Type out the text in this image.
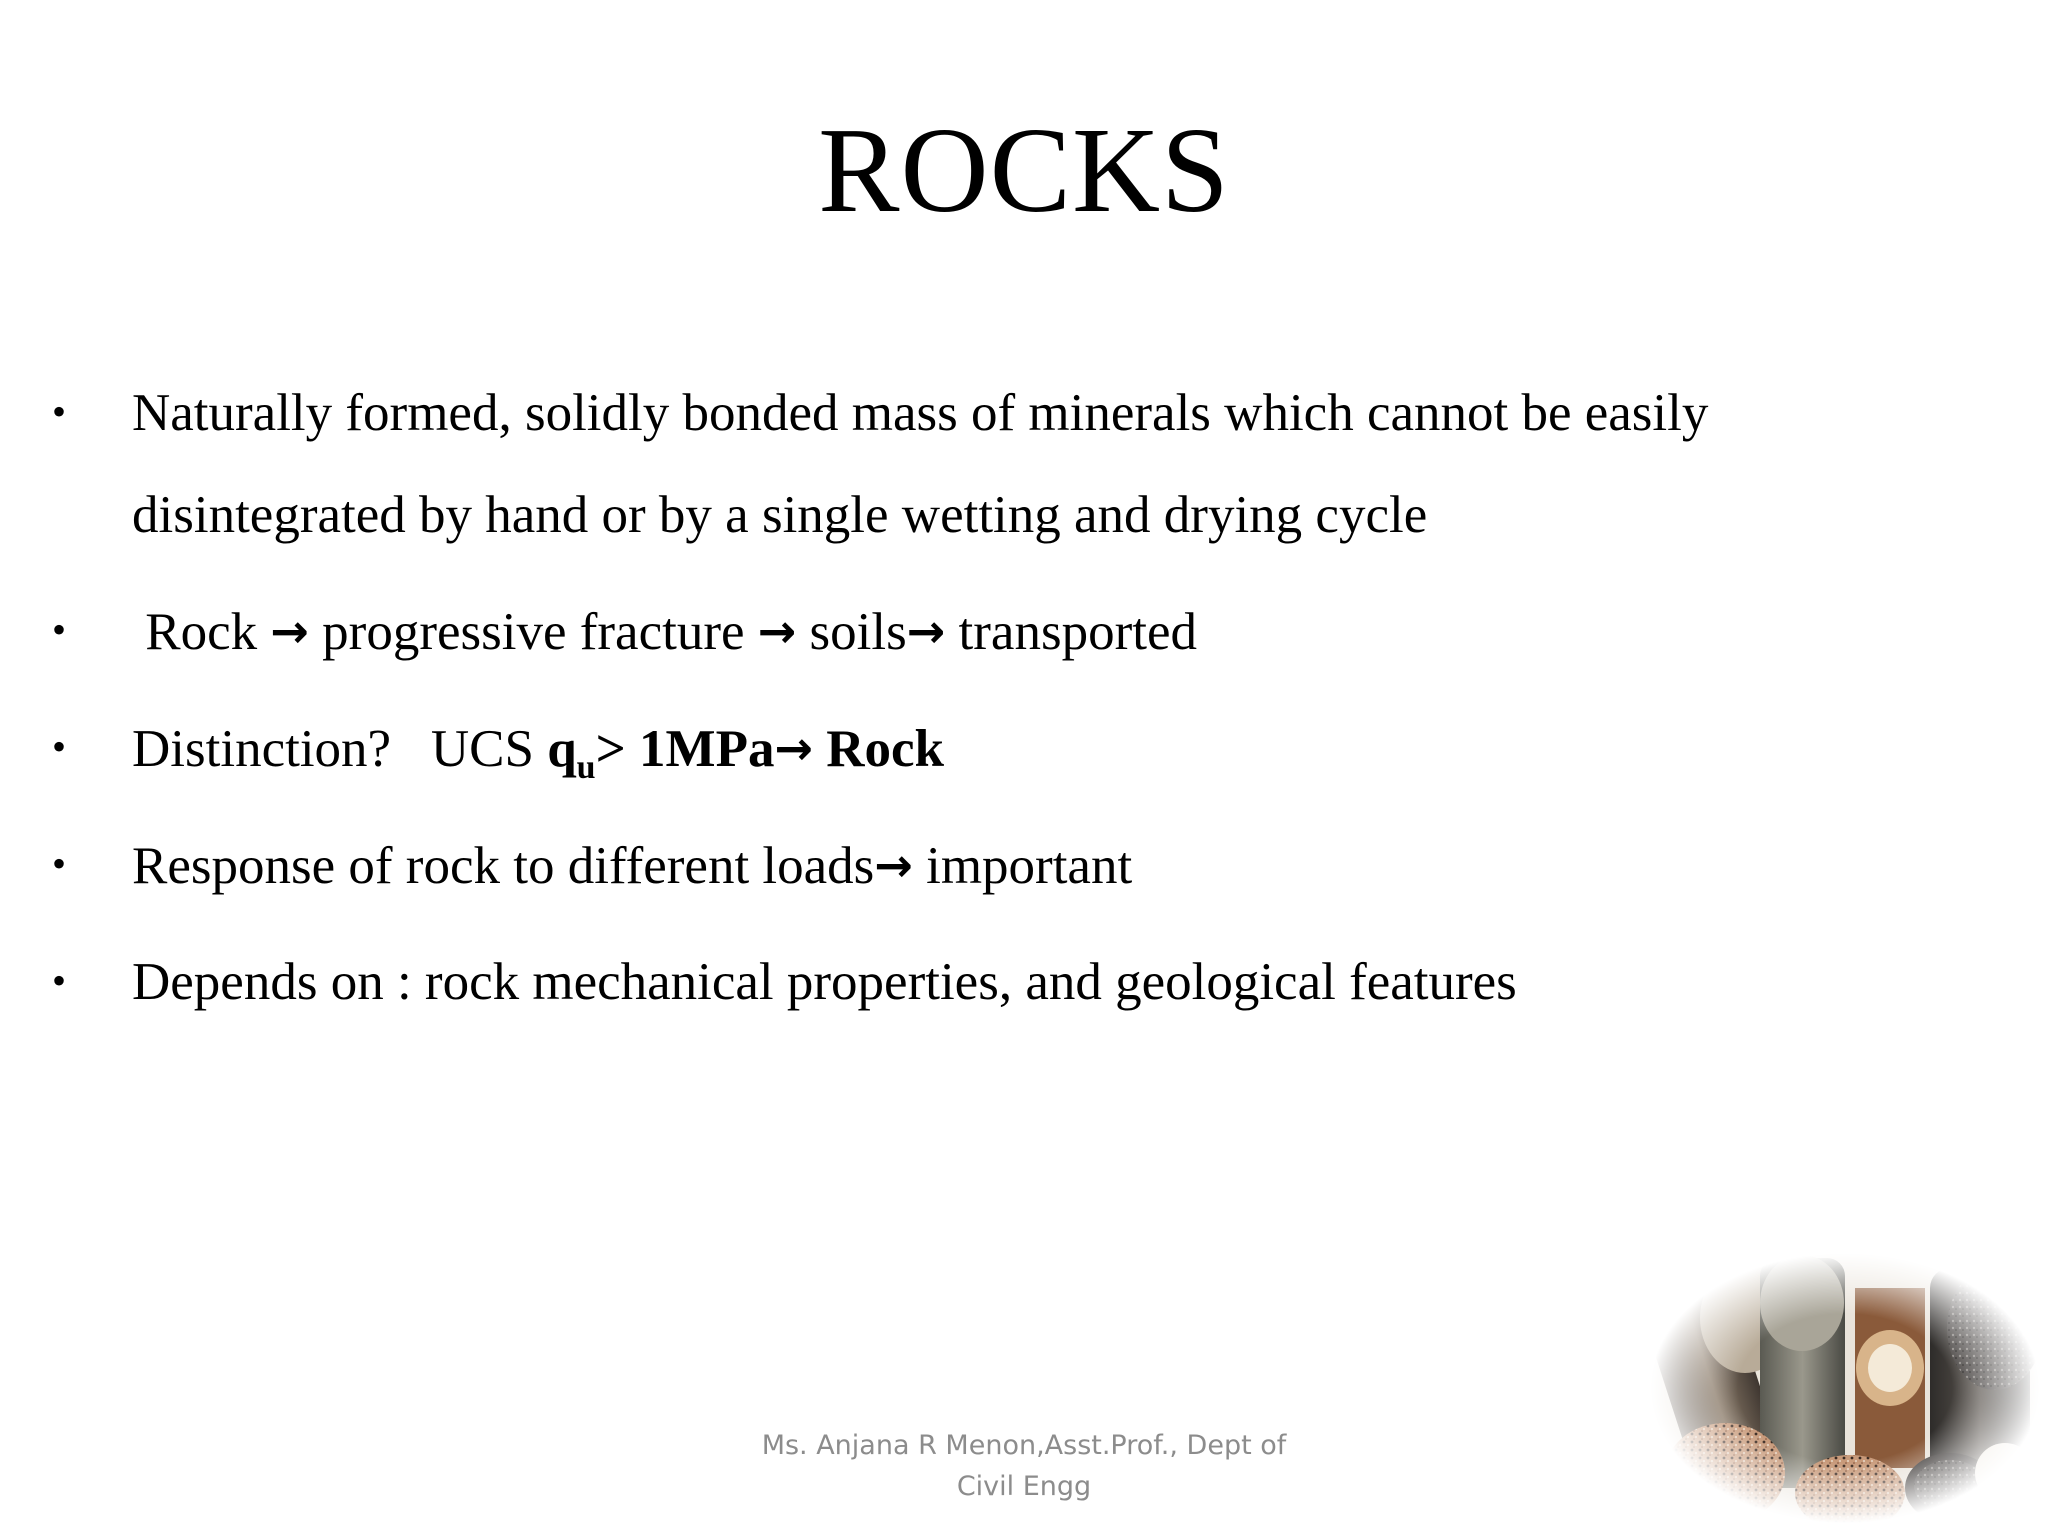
ROCKS
•	Naturally formed, solidly bonded mass of minerals which cannot be easily
disintegrated by hand or by a single wetting and drying cycle
•	Rock → progressive fracture → soils→ transported
•	Distinction? UCS $q_u> 1MPa\to$ Rock
•	Response of rock to different loads→ important
•	Depends on : rock mechanical properties, and geological features
Ms. Anjana R Menon,Asst.Prof., Dept of
Civil Engg
